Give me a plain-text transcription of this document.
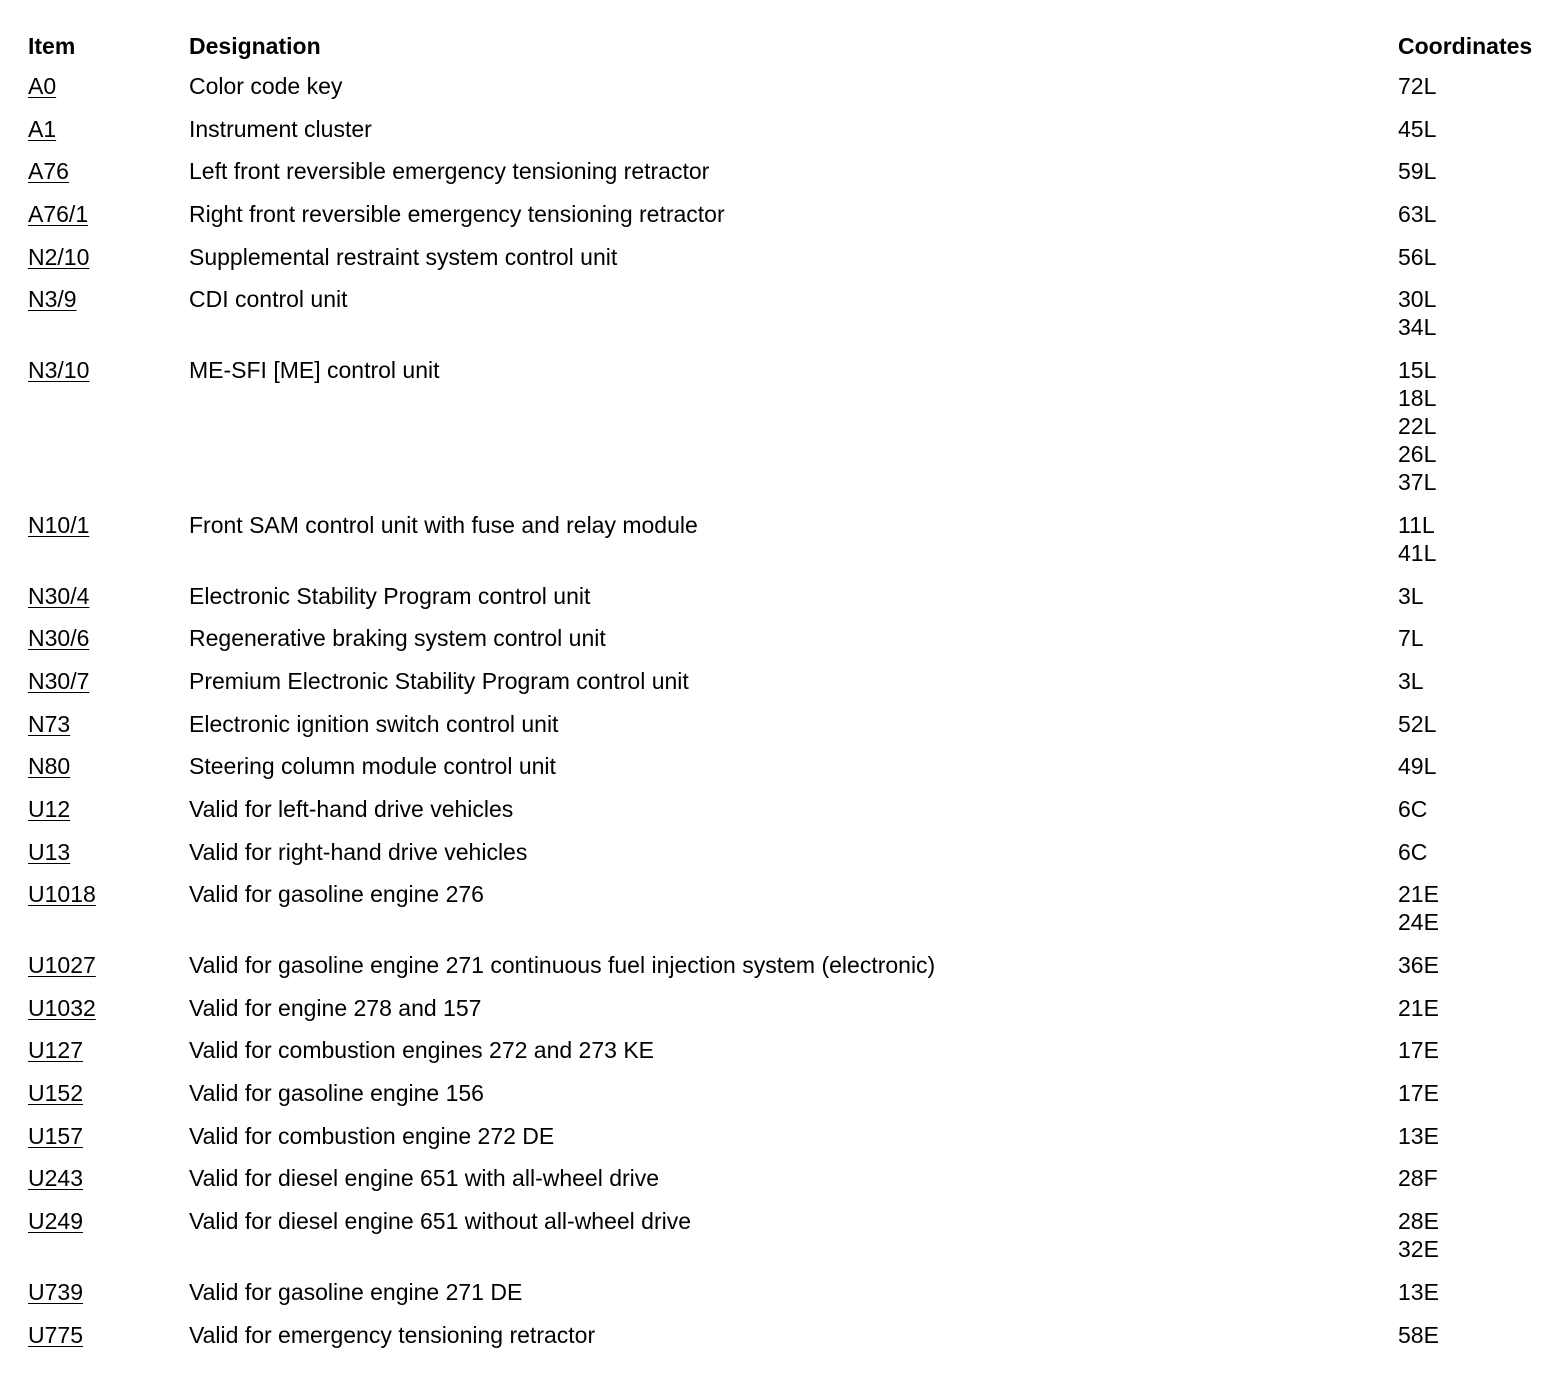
Item	Designation	Coordinates
A0	Color code key	72L
A1	Instrument cluster	45L
A76	Left front reversible emergency tensioning retractor	59L
A76/1	Right front reversible emergency tensioning retractor	63L
N2/10	Supplemental restraint system control unit	56L
N3/9	CDI control unit	30L
34L
N3/10	ME-SFI [ME] control unit	15L
18L
22L
26L
37L
N10/1	Front SAM control unit with fuse and relay module	11L
41L
N30/4	Electronic Stability Program control unit	3L
N30/6	Regenerative braking system control unit	7L
N30/7	Premium Electronic Stability Program control unit	3L
N73	Electronic ignition switch control unit	52L
N80	Steering column module control unit	49L
U12	Valid for left-hand drive vehicles	6C
U13	Valid for right-hand drive vehicles	6C
U1018	Valid for gasoline engine 276	21E
24E
U1027	Valid for gasoline engine 271 continuous fuel injection system (electronic)	36E
U1032	Valid for engine 278 and 157	21E
U127	Valid for combustion engines 272 and 273 KE	17E
U152	Valid for gasoline engine 156	17E
U157	Valid for combustion engine 272 DE	13E
U243	Valid for diesel engine 651 with all-wheel drive	28F
U249	Valid for diesel engine 651 without all-wheel drive	28E
32E
U739	Valid for gasoline engine 271 DE	13E
U775	Valid for emergency tensioning retractor	58E
